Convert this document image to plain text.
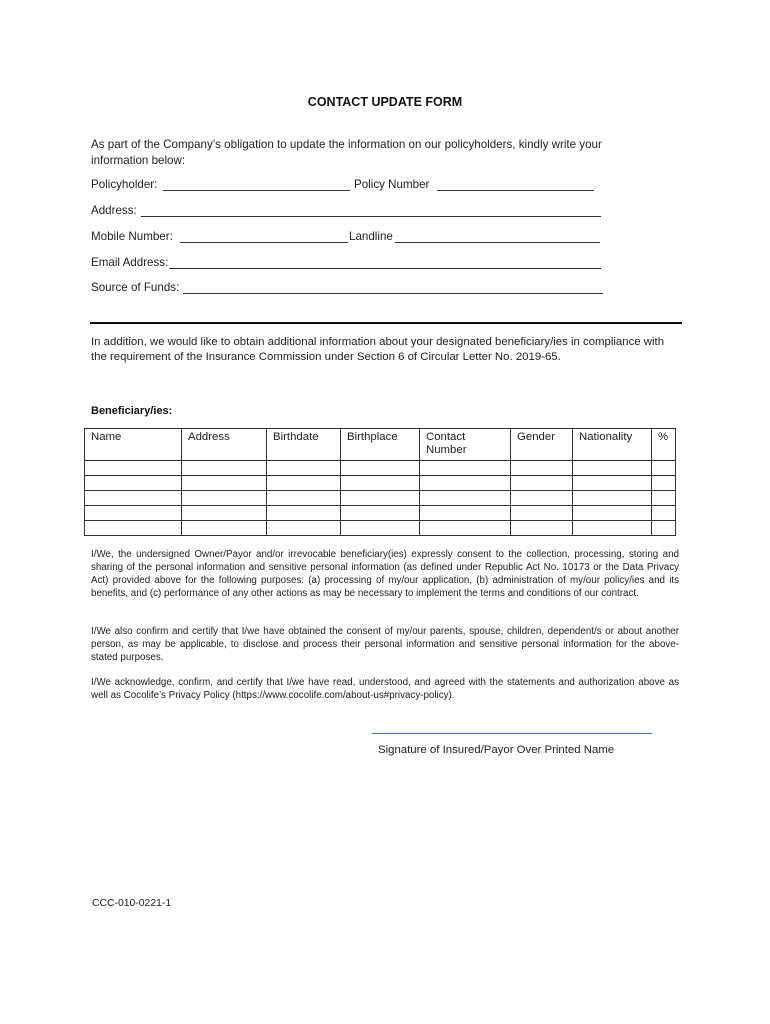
CONTACT UPDATE FORM
As part of the Company’s obligation to update the information on our policyholders, kindly write your information below:
Policyholder:	Policy Number
Address:
Mobile Number:	Landline
Email Address:
Source of Funds:
In addition, we would like to obtain additional information about your designated beneficiary/ies in compliance with the requirement of the Insurance Commission under Section 6 of Circular Letter No. 2019-65.
Beneficiary/ies:
Name	Address	Birthdate	Birthplace	Contact Number	Gender	Nationality	%

I/We, the undersigned Owner/Payor and/or irrevocable beneficiary(ies) expressly consent to the collection, processing, storing and sharing of the personal information and sensitive personal information (as defined under Republic Act No. 10173 or the Data Privacy Act) provided above for the following purposes: (a) processing of my/our application, (b) administration of my/our policy/ies and its benefits, and (c) performance of any other actions as may be necessary to implement the terms and conditions of our contract.
I/We also confirm and certify that I/we have obtained the consent of my/our parents, spouse, children, dependent/s or about another person, as may be applicable, to disclose and process their personal information and sensitive personal information for the above-stated purposes.
I/We acknowledge, confirm, and certify that I/we have read, understood, and agreed with the statements and authorization above as well as Cocolife’s Privacy Policy (https://www.cocolife.com/about-us#privacy-policy).
Signature of Insured/Payor Over Printed Name
CCC-010-0221-1
